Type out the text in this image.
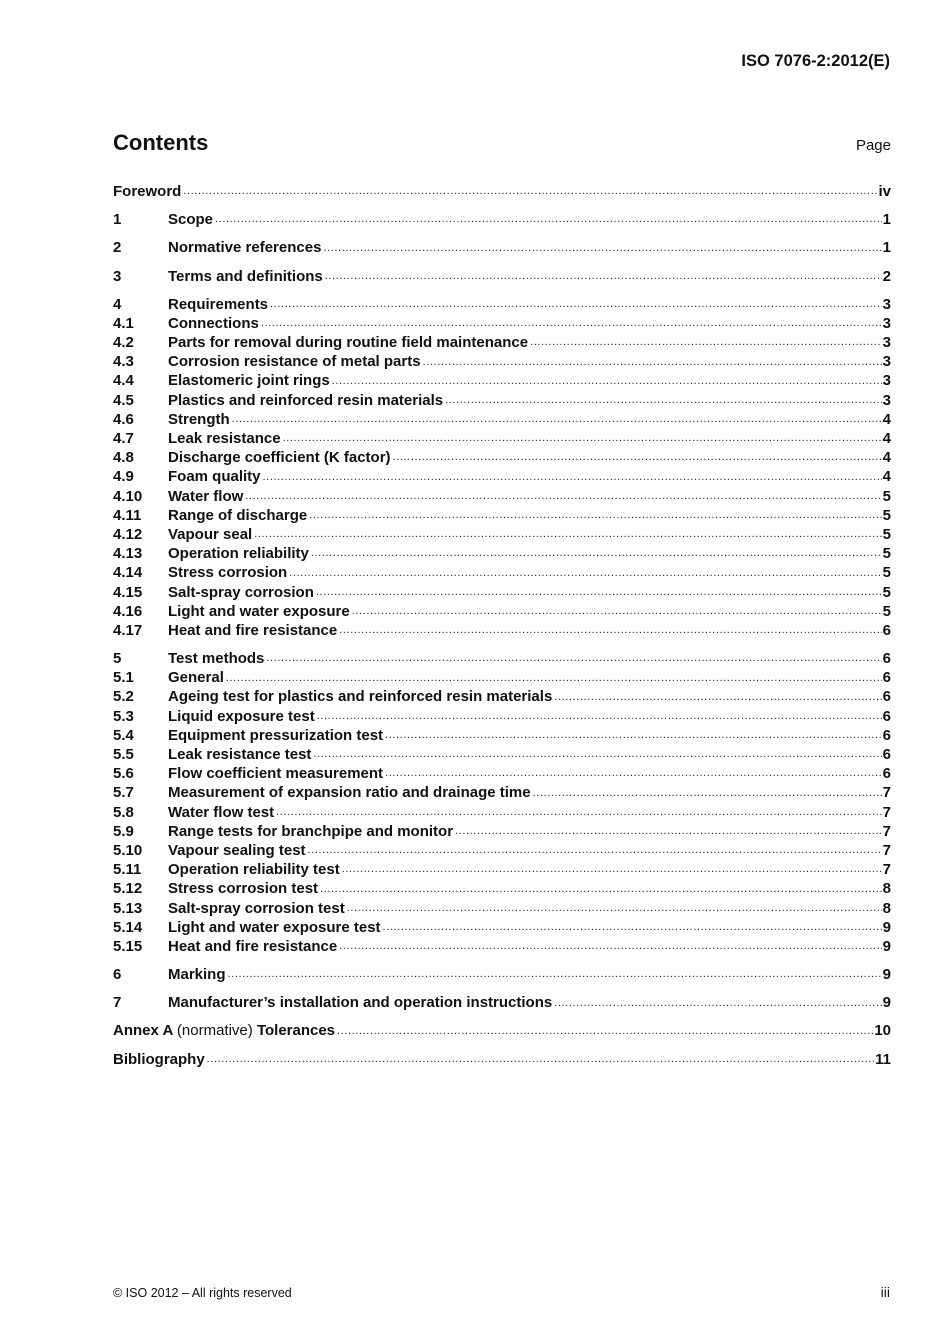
ISO 7076-2:2012(E)
Contents	Page
Foreword .....	iv
1	Scope .....	1
2	Normative references .....	1
3	Terms and definitions .....	2
4	Requirements .....	3
4.1	Connections .....	3
4.2	Parts for removal during routine field maintenance .....	3
4.3	Corrosion resistance of metal parts .....	3
4.4	Elastomeric joint rings .....	3
4.5	Plastics and reinforced resin materials .....	3
4.6	Strength .....	4
4.7	Leak resistance .....	4
4.8	Discharge coefficient (K factor) .....	4
4.9	Foam quality .....	4
4.10	Water flow .....	5
4.11	Range of discharge .....	5
4.12	Vapour seal .....	5
4.13	Operation reliability .....	5
4.14	Stress corrosion .....	5
4.15	Salt-spray corrosion .....	5
4.16	Light and water exposure .....	5
4.17	Heat and fire resistance .....	6
5	Test methods .....	6
5.1	General .....	6
5.2	Ageing test for plastics and reinforced resin materials .....	6
5.3	Liquid exposure test .....	6
5.4	Equipment pressurization test .....	6
5.5	Leak resistance test .....	6
5.6	Flow coefficient measurement .....	6
5.7	Measurement of expansion ratio and drainage time .....	7
5.8	Water flow test .....	7
5.9	Range tests for branchpipe and monitor .....	7
5.10	Vapour sealing test .....	7
5.11	Operation reliability test .....	7
5.12	Stress corrosion test .....	8
5.13	Salt-spray corrosion test .....	8
5.14	Light and water exposure test .....	9
5.15	Heat and fire resistance .....	9
6	Marking .....	9
7	Manufacturer’s installation and operation instructions .....	9
Annex A (normative) Tolerances .....	10
Bibliography .....	11
© ISO 2012 – All rights reserved	iii
